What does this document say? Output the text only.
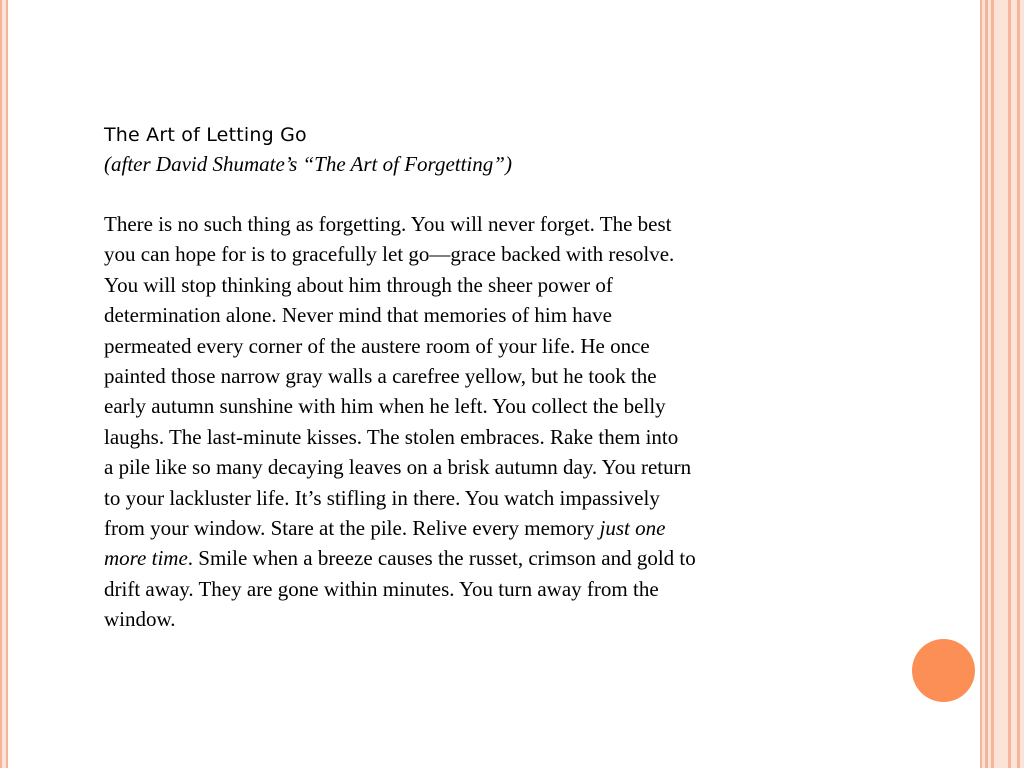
The Art of Letting Go

(after David Shumate’s “The Art of Forgetting”)

There is no such thing as forgetting. You will never forget. The best
you can hope for is to gracefully let go—grace backed with resolve.
You will stop thinking about him through the sheer power of
determination alone. Never mind that memories of him have
permeated every corner of the austere room of your life. He once
painted those narrow gray walls a carefree yellow, but he took the
early autumn sunshine with him when he left. You collect the belly
laughs. The last-minute kisses. The stolen embraces. Rake them into
a pile like so many decaying leaves on a brisk autumn day. You return
to your lackluster life. It’s stifling in there. You watch impassively
from your window. Stare at the pile. Relive every memory just one
more time. Smile when a breeze causes the russet, crimson and gold to
drift away. They are gone within minutes. You turn away from the
window.
